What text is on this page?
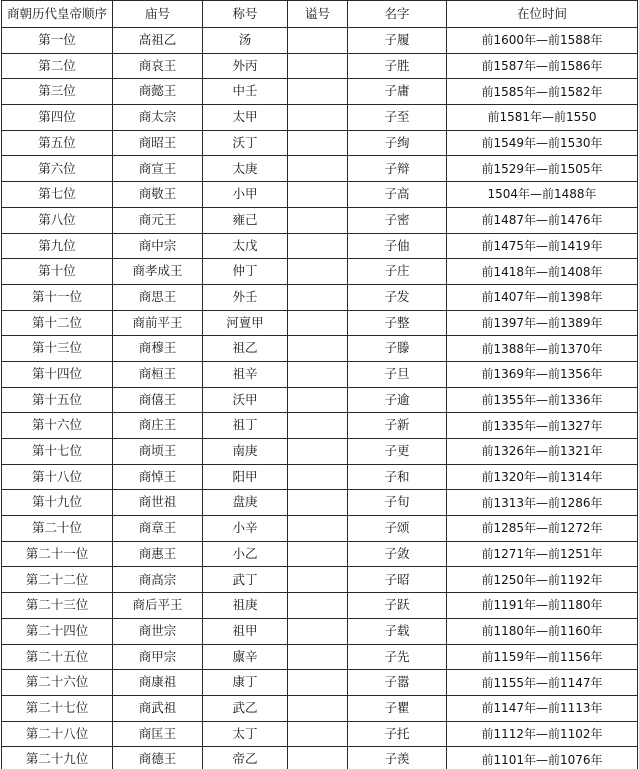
商朝历代皇帝顺序	庙号	称号	谥号	名字	在位时间
第一位	高祖乙	汤		子履	前1600年—前1588年
第二位	商哀王	外丙		子胜	前1587年—前1586年
第三位	商懿王	中壬		子庸	前1585年—前1582年
第四位	商太宗	太甲		子至	前1581年—前1550
第五位	商昭王	沃丁		子绚	前1549年—前1530年
第六位	商宣王	太庚		子辩	前1529年—前1505年
第七位	商敬王	小甲		子高	1504年—前1488年
第八位	商元王	雍己		子密	前1487年—前1476年
第九位	商中宗	太戊		子伷	前1475年—前1419年
第十位	商孝成王	仲丁		子庄	前1418年—前1408年
第十一位	商思王	外壬		子发	前1407年—前1398年
第十二位	商前平王	河亶甲		子整	前1397年—前1389年
第十三位	商穆王	祖乙		子滕	前1388年—前1370年
第十四位	商桓王	祖辛		子旦	前1369年—前1356年
第十五位	商僖王	沃甲		子逾	前1355年—前1336年
第十六位	商庄王	祖丁		子新	前1335年—前1327年
第十七位	商顷王	南庚		子更	前1326年—前1321年
第十八位	商悼王	阳甲		子和	前1320年—前1314年
第十九位	商世祖	盘庚		子旬	前1313年—前1286年
第二十位	商章王	小辛		子颂	前1285年—前1272年
第二十一位	商惠王	小乙		子敛	前1271年—前1251年
第二十二位	商高宗	武丁		子昭	前1250年—前1192年
第二十三位	商后平王	祖庚		子跃	前1191年—前1180年
第二十四位	商世宗	祖甲		子载	前1180年—前1160年
第二十五位	商甲宗	廪辛		子先	前1159年—前1156年
第二十六位	商康祖	康丁		子嚣	前1155年—前1147年
第二十七位	商武祖	武乙		子瞿	前1147年—前1113年
第二十八位	商匡王	太丁		子托	前1112年—前1102年
第二十九位	商德王	帝乙		子羡	前1101年—前1076年
